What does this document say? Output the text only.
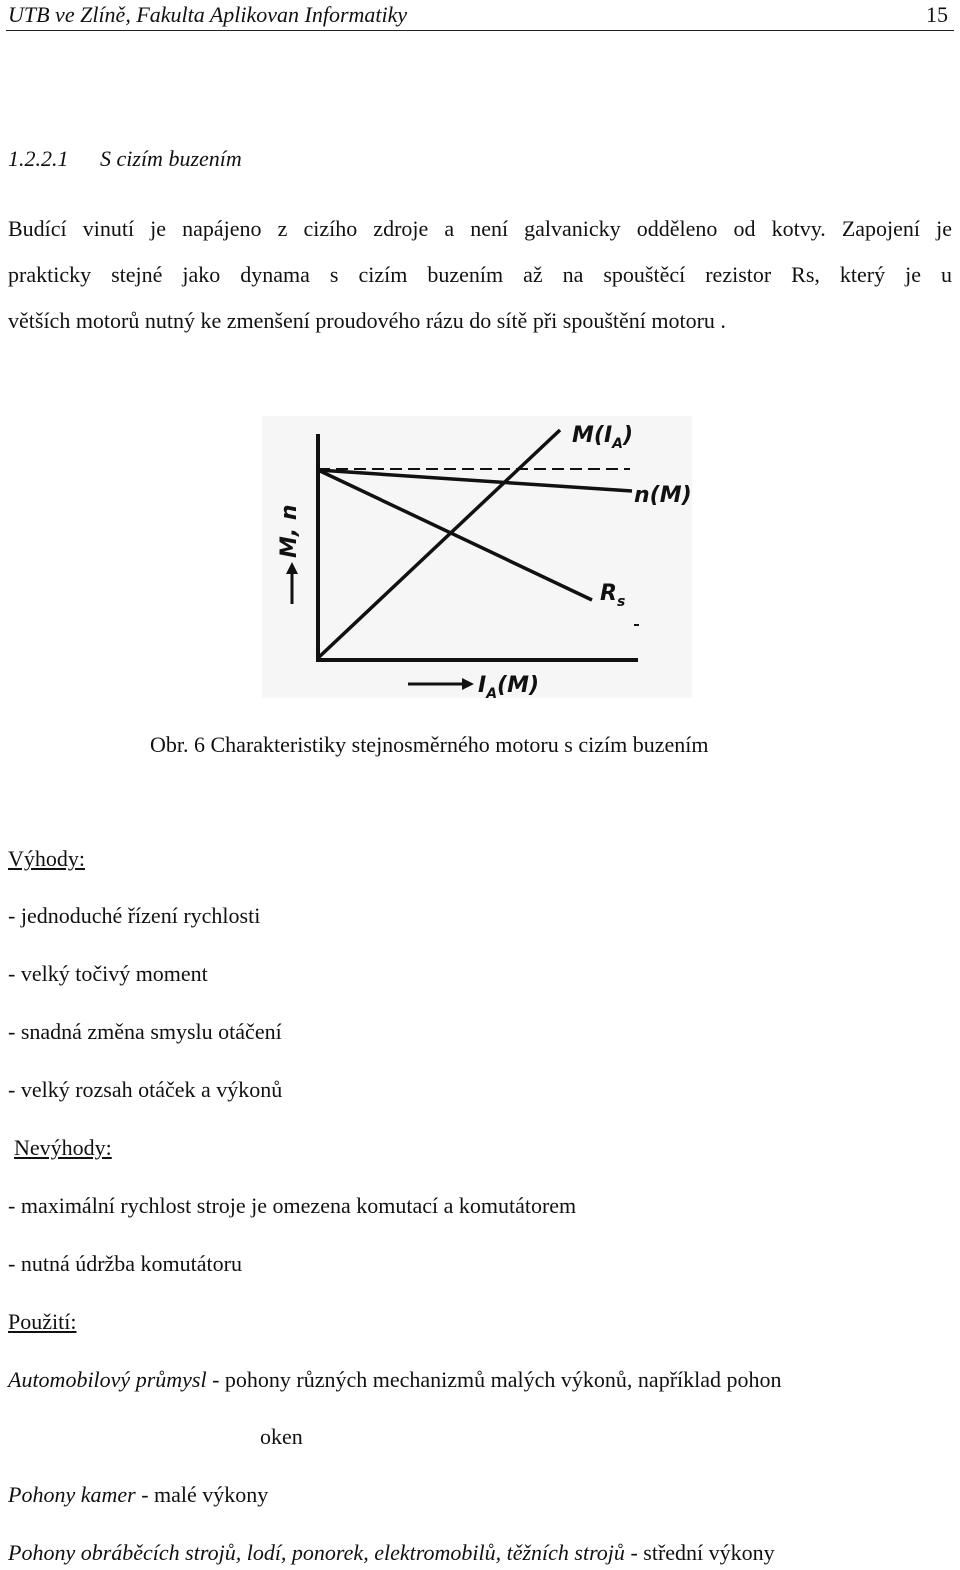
UTB ve Zlíně, Fakulta Aplikovan Informatiky	15
1.2.2.1 S cizím buzením
Budící vinutí je napájeno z cizího zdroje a není galvanicky odděleno od kotvy. Zapojení je
prakticky stejné jako dynama s cizím buzením až na spouštěcí rezistor Rs, který je u
větších motorů nutný ke zmenšení proudového rázu do sítě při spouštění motoru .
$M(I_A)$
n(M)
$R_s$
M, n
$I_A(M)$
Obr. 6 Charakteristiky stejnosměrného motoru s cizím buzením
Výhody:
- jednoduché řízení rychlosti
- velký točivý moment
- snadná změna smyslu otáčení
- velký rozsah otáček a výkonů
Nevýhody:
- maximální rychlost stroje je omezena komutací a komutátorem
- nutná údržba komutátoru
Použití:
Automobilový průmysl - pohony různých mechanizmů malých výkonů, například pohon
oken
Pohony kamer - malé výkony
Pohony obráběcích strojů, lodí, ponorek, elektromobilů, těžních strojů - střední výkony
